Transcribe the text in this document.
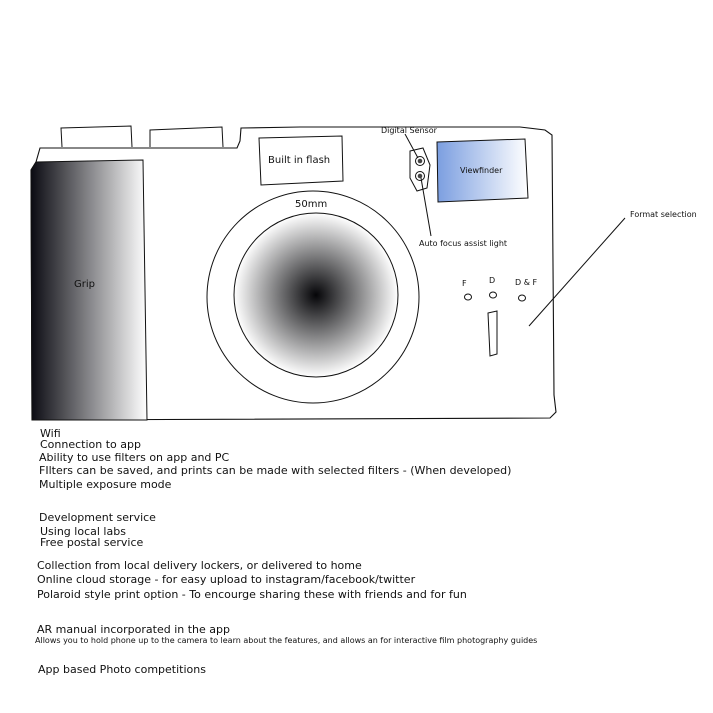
Grip
Built in flash
50mm
Digital Sensor
Auto focus assist light
Viewfinder
F	D D & F
Format selection
Wifi
Connection to app
Ability to use filters on app and PC
FIlters can be saved, and prints can be made with selected filters - (When developed)
Multiple exposure mode
Development service
Using local labs
Free postal service
Collection from local delivery lockers, or delivered to home
Online cloud storage - for easy upload to instagram/facebook/twitter
Polaroid style print option - To encourge sharing these with friends and for fun
AR manual incorporated in the app
Allows you to hold phone up to the camera to learn about the features, and allows an for interactive film photography guides
App based Photo competitions
